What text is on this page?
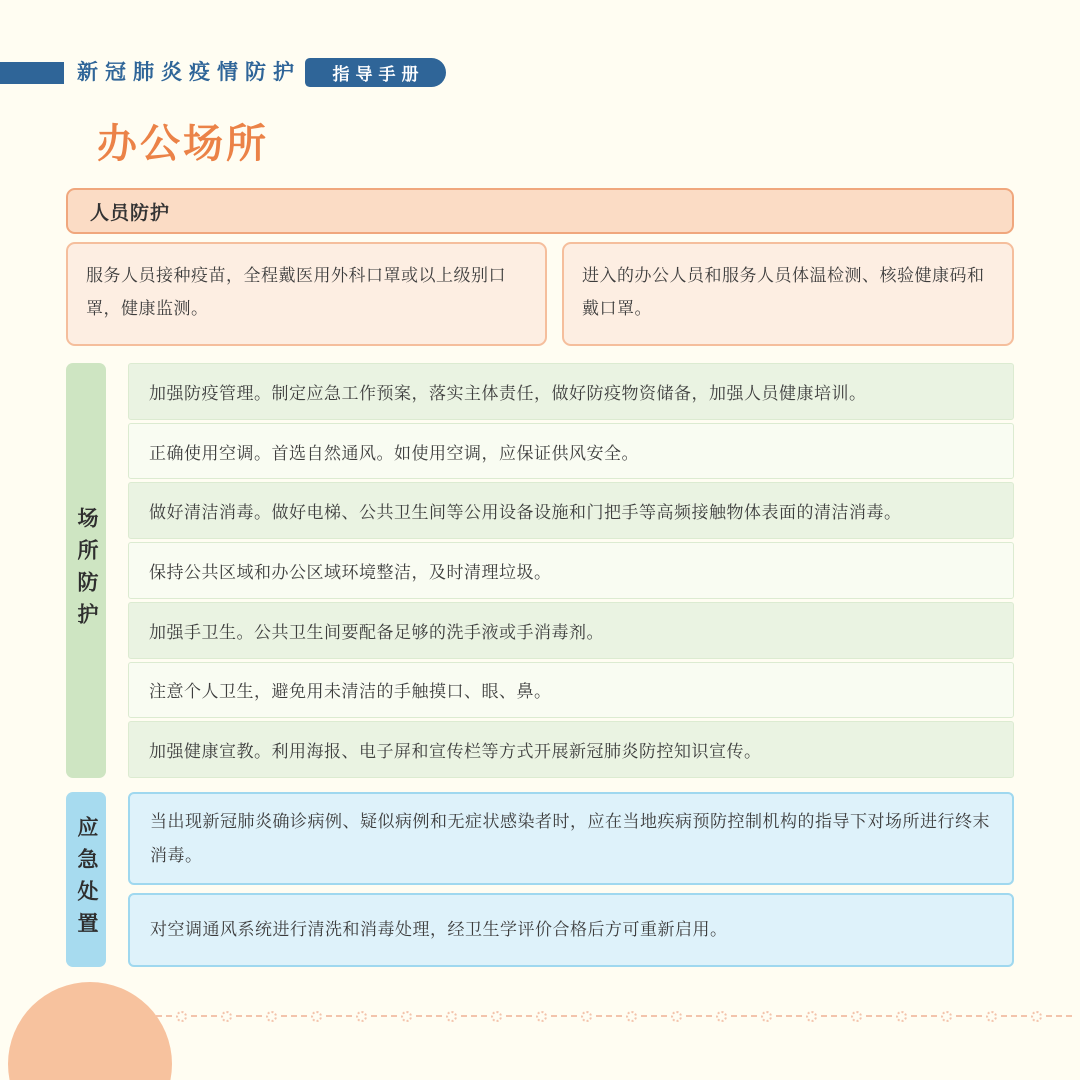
新冠肺炎疫情防护	指导手册
办公场所
人员防护
服务人员接种疫苗，全程戴医用外科口罩或以上级别口罩，健康监测。
进入的办公人员和服务人员体温检测、核验健康码和戴口罩。
场所防护
加强防疫管理。制定应急工作预案，落实主体责任，做好防疫物资储备，加强人员健康培训。
正确使用空调。首选自然通风。如使用空调，应保证供风安全。
做好清洁消毒。做好电梯、公共卫生间等公用设备设施和门把手等高频接触物体表面的清洁消毒。
保持公共区域和办公区域环境整洁，及时清理垃圾。
加强手卫生。公共卫生间要配备足够的洗手液或手消毒剂。
注意个人卫生，避免用未清洁的手触摸口、眼、鼻。
加强健康宣教。利用海报、电子屏和宣传栏等方式开展新冠肺炎防控知识宣传。
应急处置	当出现新冠肺炎确诊病例、疑似病例和无症状感染者时，应在当地疾病预防控制机构的指导下对场所进行终末消毒。
对空调通风系统进行清洗和消毒处理，经卫生学评价合格后方可重新启用。
